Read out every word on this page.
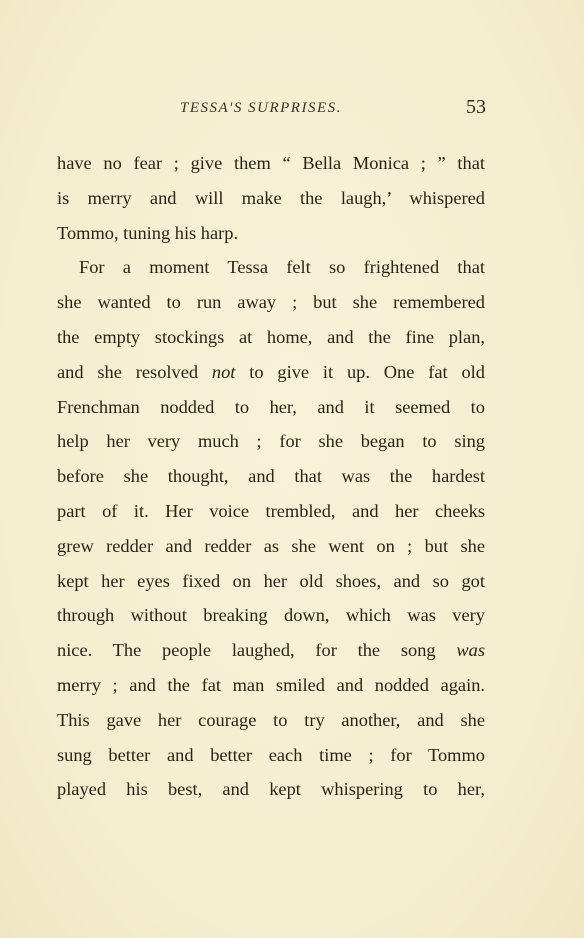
TESSA'S SURPRISES.	53
have no fear ; give them “ Bella Monica ; ” that
is merry and will make the laugh,’ whispered
Tommo, tuning his harp.
For a moment Tessa felt so frightened that
she wanted to run away ; but she remembered
the empty stockings at home, and the fine plan,
and she resolved not to give it up. One fat old
Frenchman nodded to her, and it seemed to
help her very much ; for she began to sing
before she thought, and that was the hardest
part of it. Her voice trembled, and her cheeks
grew redder and redder as she went on ; but she
kept her eyes fixed on her old shoes, and so got
through without breaking down, which was very
nice. The people laughed, for the song was
merry ; and the fat man smiled and nodded again.
This gave her courage to try another, and she
sung better and better each time ; for Tommo
played his best, and kept whispering to her,
